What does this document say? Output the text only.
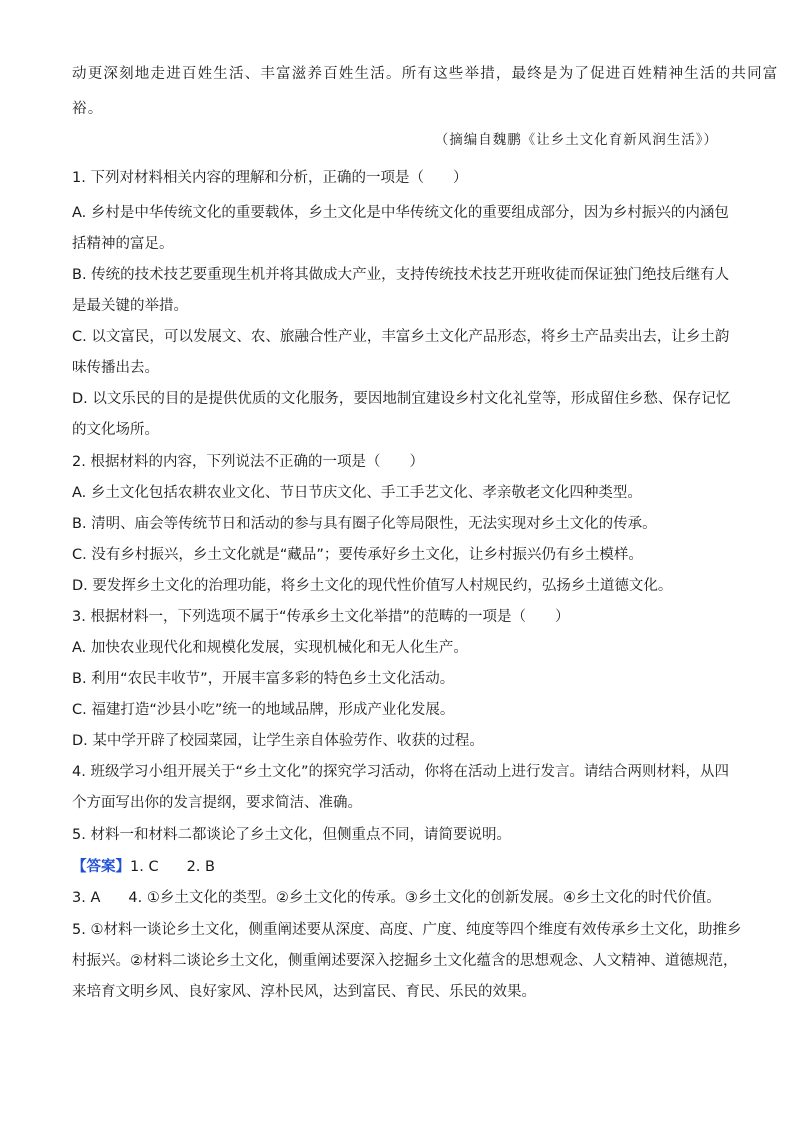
动更深刻地走进百姓生活、丰富滋养百姓生活。所有这些举措，最终是为了促进百姓精神生活的共同富
裕。
（摘编自魏鹏《让乡土文化育新风润生活》）
1. 下列对材料相关内容的理解和分析，正确的一项是（　　）
A. 乡村是中华传统文化的重要载体，乡土文化是中华传统文化的重要组成部分，因为乡村振兴的内涵包
括精神的富足。
B. 传统的技术技艺要重现生机并将其做成大产业，支持传统技术技艺开班收徒而保证独门绝技后继有人
是最关键的举措。
C. 以文富民，可以发展文、农、旅融合性产业，丰富乡土文化产品形态，将乡土产品卖出去，让乡土韵
味传播出去。
D. 以文乐民的目的是提供优质的文化服务，要因地制宜建设乡村文化礼堂等，形成留住乡愁、保存记忆
的文化场所。
2. 根据材料的内容，下列说法不正确的一项是（　　）
A. 乡土文化包括农耕农业文化、节日节庆文化、手工手艺文化、孝亲敬老文化四种类型。
B. 清明、庙会等传统节日和活动的参与具有圈子化等局限性，无法实现对乡土文化的传承。
C. 没有乡村振兴，乡土文化就是“藏品”；要传承好乡土文化，让乡村振兴仍有乡土模样。
D. 要发挥乡土文化的治理功能，将乡土文化的现代性价值写人村规民约，弘扬乡土道德文化。
3. 根据材料一，下列选项不属于“传承乡土文化举措”的范畴的一项是（　　）
A. 加快农业现代化和规模化发展，实现机械化和无人化生产。
B. 利用“农民丰收节”，开展丰富多彩的特色乡土文化活动。
C. 福建打造“沙县小吃”统一的地域品牌，形成产业化发展。
D. 某中学开辟了校园菜园，让学生亲自体验劳作、收获的过程。
4. 班级学习小组开展关于“乡土文化”的探究学习活动，你将在活动上进行发言。请结合两则材料，从四
个方面写出你的发言提纲，要求简洁、准确。
5. 材料一和材料二都谈论了乡土文化，但侧重点不同，请简要说明。
【答案】1. C 2. B
3. A 4. ①乡土文化的类型。②乡土文化的传承。③乡土文化的创新发展。④乡土文化的时代价值。
5. ①材料一谈论乡土文化，侧重阐述要从深度、高度、广度、纯度等四个维度有效传承乡土文化，助推乡
村振兴。②材料二谈论乡土文化，侧重阐述要深入挖掘乡土文化蕴含的思想观念、人文精神、道德规范，
来培育文明乡风、良好家风、淳朴民风，达到富民、育民、乐民的效果。
